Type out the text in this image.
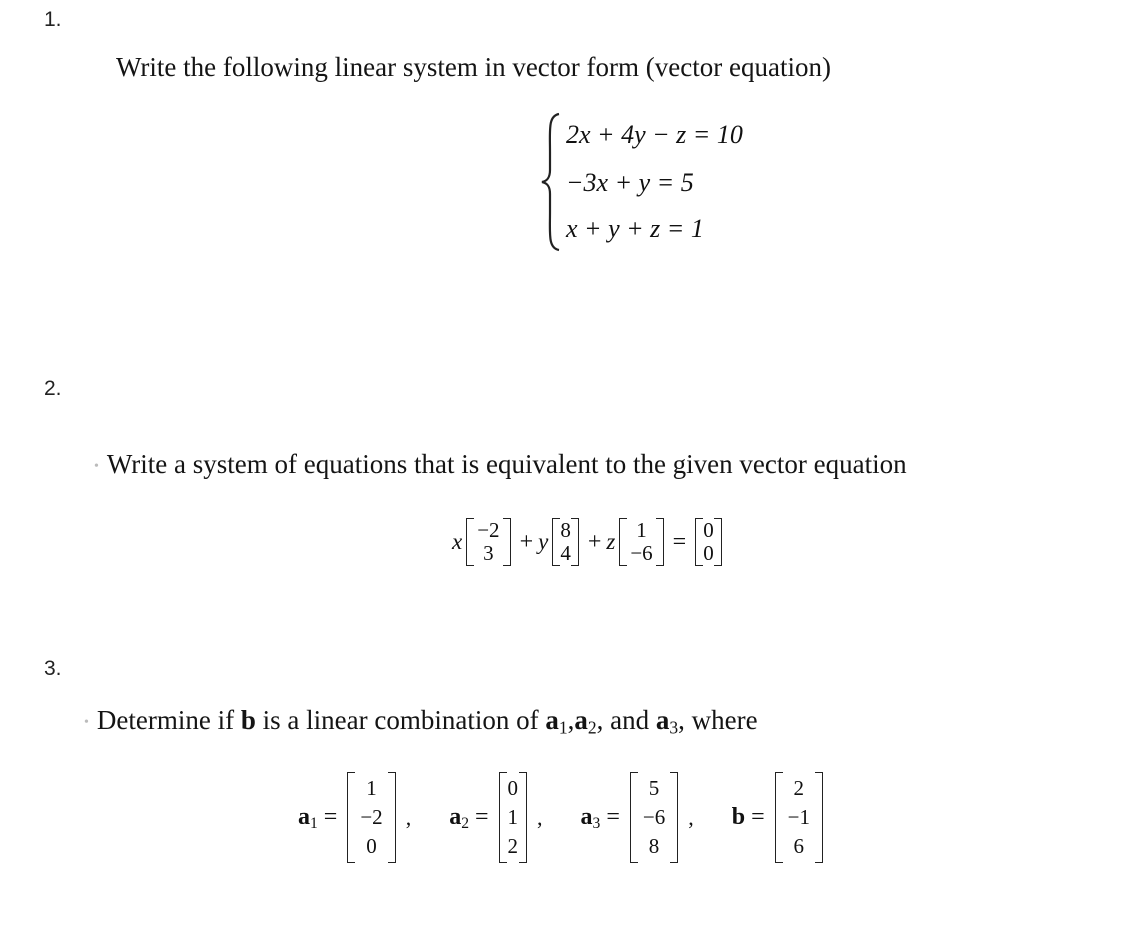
1.
Write the following linear system in vector form (vector equation)
2x + 4y − z = 10
−3x + y = 5
x + y + z = 1
2.
• Write a system of equations that is equivalent to the given vector equation
x −2
3 + y 8
4 + z 1
−6 = 0
0
3.
• Determine if b is a linear combination of $a_1,a_2$, and $a_3$, where
$a_1$ =
1
−2
0
, $a_2$ =
0
1
2
, $a_3$ =
5
−6
8
, b =
2
−1
6
